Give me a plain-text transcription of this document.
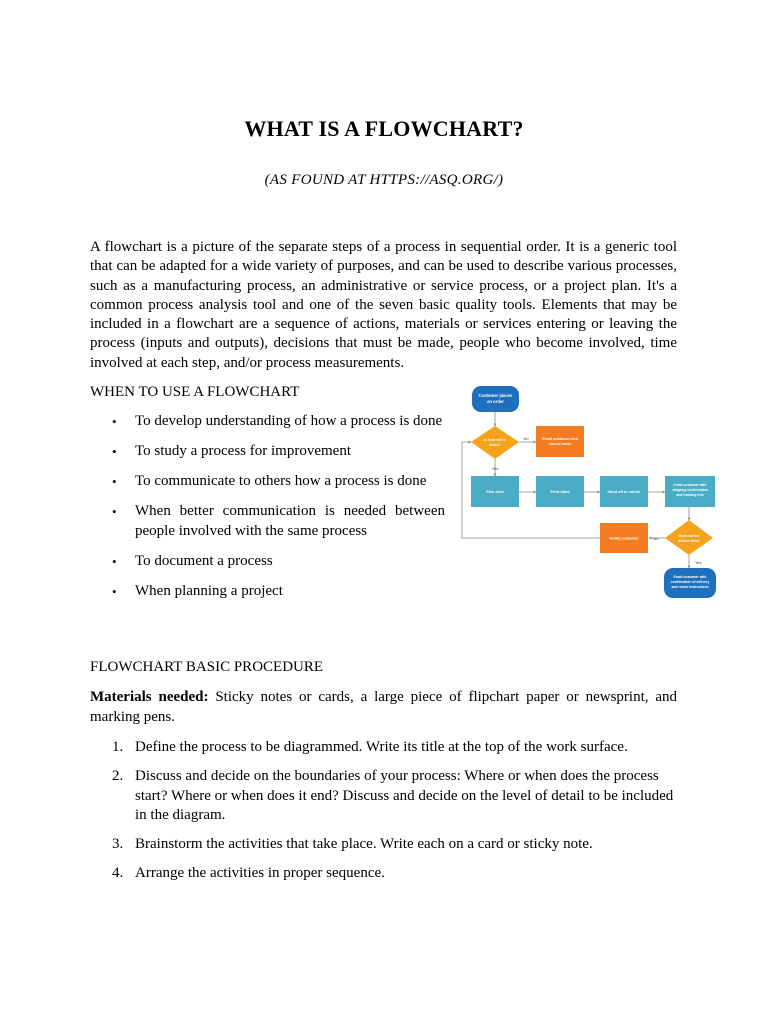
WHAT IS A FLOWCHART?
(AS FOUND AT HTTPS://ASQ.ORG/)

A flowchart is a picture of the separate steps of a process in sequential order. It is a generic tool that can be adapted for a wide variety of purposes, and can be used to describe various processes, such as a manufacturing process, an administrative or service process, or a project plan. It's a common process analysis tool and one of the seven basic quality tools. Elements that may be included in a flowchart are a sequence of actions, materials or services entering or leaving the process (inputs and outputs), decisions that must be made, people who become involved, time involved at each step, and/or process measurements.

WHEN TO USE A FLOWCHART

• To develop understanding of how a process is done
• To study a process for improvement
• To communicate to others how a process is done
• When better communication is needed between people involved with the same process
• To document a process
• When planning a project
Customer places
an order
Is item still in
stock?
No
Yes
Email customer and
cancel order
Pick item	Print label	Hand off to carrier
Email customer with
shipping confirmation
and tracking info
Does carrier
deliver item?
No
Yes
Notify customer
Email customer with
confirmation of delivery
and return instructions

FLOWCHART BASIC PROCEDURE

Materials needed: Sticky notes or cards, a large piece of flipchart paper or newsprint, and marking pens.

1. Define the process to be diagrammed. Write its title at the top of the work surface.
2. Discuss and decide on the boundaries of your process: Where or when does the process start? Where or when does it end? Discuss and decide on the level of detail to be included in the diagram.
3. Brainstorm the activities that take place. Write each on a card or sticky note.
4. Arrange the activities in proper sequence.
